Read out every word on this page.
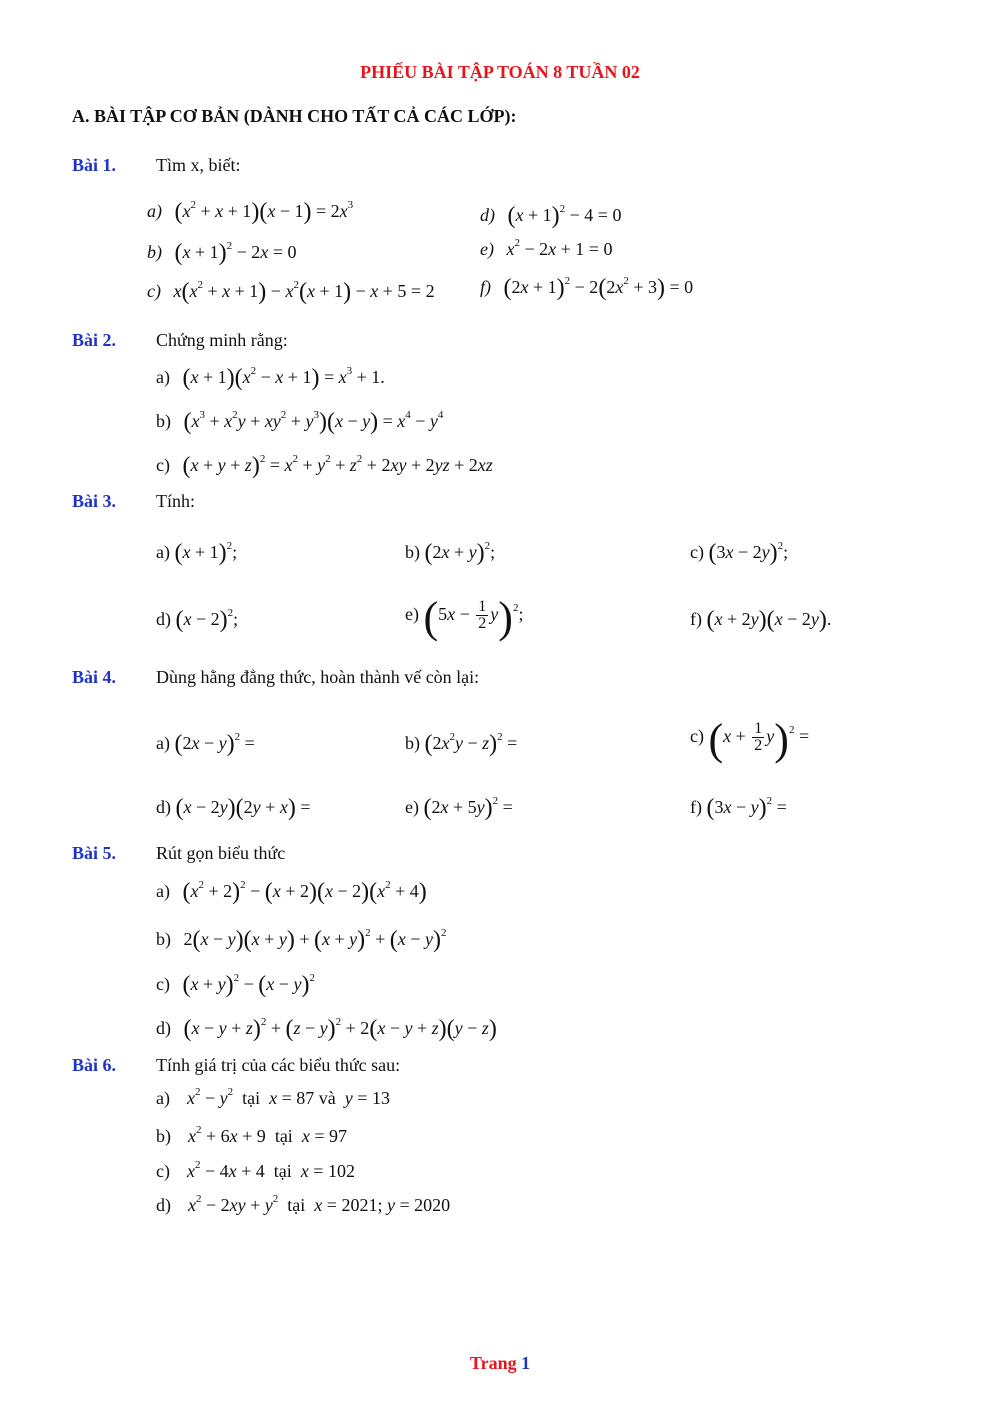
PHIẾU BÀI TẬP TOÁN 8 TUẦN 02
A. BÀI TẬP CƠ BẢN (DÀNH CHO TẤT CẢ CÁC LỚP):
Bài 1. Tìm x, biết:
a) $(x^2 + x + 1)(x - 1) = 2x^3$
b) $(x + 1)^2 - 2x = 0$
c) $x(x^2 + x + 1) - x^2(x + 1) - x + 5 = 2$
d) $(x + 1)^2 - 4 = 0$
e) $x^2 - 2x + 1 = 0$
f) $(2x + 1)^2 - 2(2x^2 + 3) = 0$
Bài 2. Chứng minh rằng:
a) $(x + 1)(x^2 - x + 1) = x^3 + 1$.
b) $(x^3 + x^2y + xy^2 + y^3)(x - y) = x^4 - y^4$
c) $(x + y + z)^2 = x^2 + y^2 + z^2 + 2xy + 2yz + 2xz$
Bài 3. Tính:
a) $(x + 1)^2$;	b) $(2x + y)^2$;	c) $(3x - 2y)^2$;
d) $(x - 2)^2$;	e) $(5x - \frac{1}{2} y)^2$;	f) (x + 2y)(x − 2y).
Bài 4. Dùng hằng đẳng thức, hoàn thành vế còn lại:
a) $(2x - y)^2$ =	b) $(2x^2y - z)^2$ =	c) $(x + \frac{1}{2} y)^2$ =
d) (x − 2y)(2y + x) =	e) $(2x + 5y)^2$ =	f) $(3x - y)^2$ =
Bài 5. Rút gọn biểu thức
a) $(x^2 + 2)^2 - (x + 2)(x - 2)(x^2 + 4)$
b) $2(x - y)(x + y) + (x + y)^2 + (x - y)^2$
c) $(x + y)^2 - (x - y)^2$
d) $(x - y + z)^2 + (z - y)^2 + 2(x - y + z)(y - z)$
Bài 6. Tính giá trị của các biểu thức sau:
a) $x^2 - y^2$ tại x = 87 và y = 13
b) $x^2 + 6x + 9$  tại x = 97
c) $x^2 - 4x + 4$  tại x = 102
d) $x^2 - 2xy + y^2$ tại x = 2021; y = 2020
Trang 1
